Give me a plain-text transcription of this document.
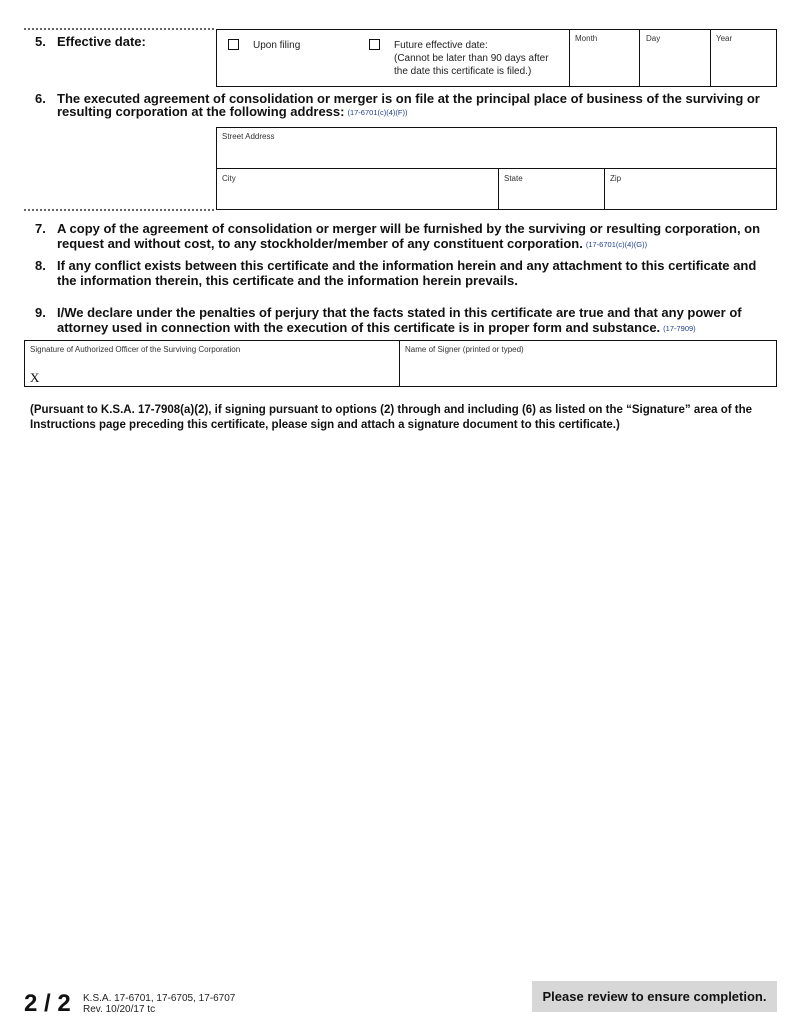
5. Effective date:	Upon filing	Future effective date:
(Cannot be later than 90 days after
the date this certificate is filed.)
Month	Day	Year
6. The executed agreement of consolidation or merger is on file at the principal place of business of the surviving or
resulting corporation at the following address: (17-6701(c)(4)(F))
Street Address
City	State	Zip
7. A copy of the agreement of consolidation or merger will be furnished by the surviving or resulting corporation, on
request and without cost, to any stockholder/member of any constituent corporation. (17-6701(c)(4)(G))
8. If any conflict exists between this certificate and the information herein and any attachment to this certificate and
the information therein, this certificate and the information herein prevails.
9. I/We declare under the penalties of perjury that the facts stated in this certificate are true and that any power of
attorney used in connection with the execution of this certificate is in proper form and substance. (17-7909)
Signature of Authorized Officer of the Surviving Corporation
X
Name of Signer (printed or typed)
(Pursuant to K.S.A. 17-7908(a)(2), if signing pursuant to options (2) through and including (6) as listed on the “Signature” area of the
Instructions page preceding this certificate, please sign and attach a signature document to this certificate.)
2 / 2 K.S.A. 17-6701, 17-6705, 17-6707
Rev. 10/20/17 tc
Please review to ensure completion.
